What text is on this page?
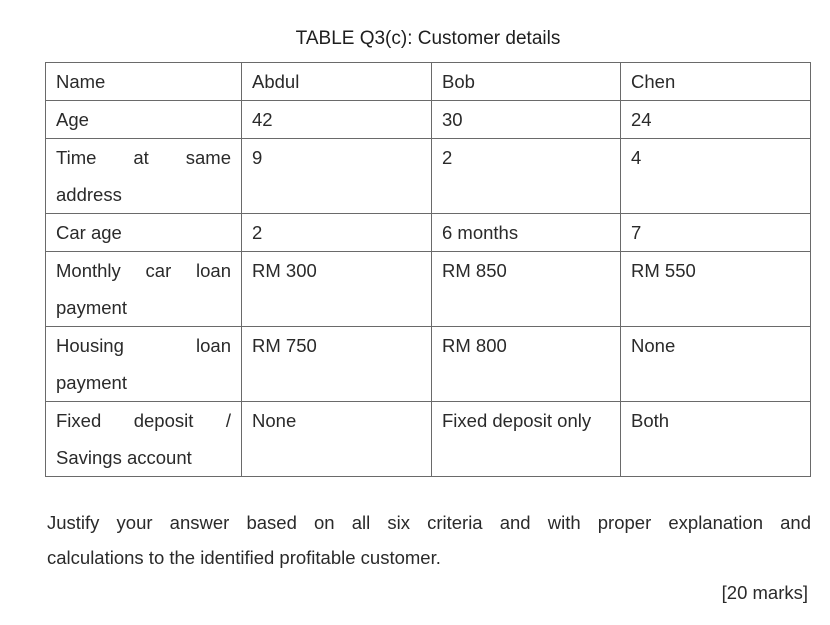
TABLE Q3(c): Customer details
Name	Abdul	Bob	Chen
Age	42	30	24

Time at same
address	9	2	4
Car age	2	6 months	7

Monthly car loan
payment	RM 300	RM 850	RM 550

Housing loan
payment	RM 750	RM 800	None

Fixed deposit /
Savings account	None	Fixed deposit only	Both
Justify your answer based on all six criteria and with proper explanation and
calculations to the identified profitable customer.
[20 marks]
